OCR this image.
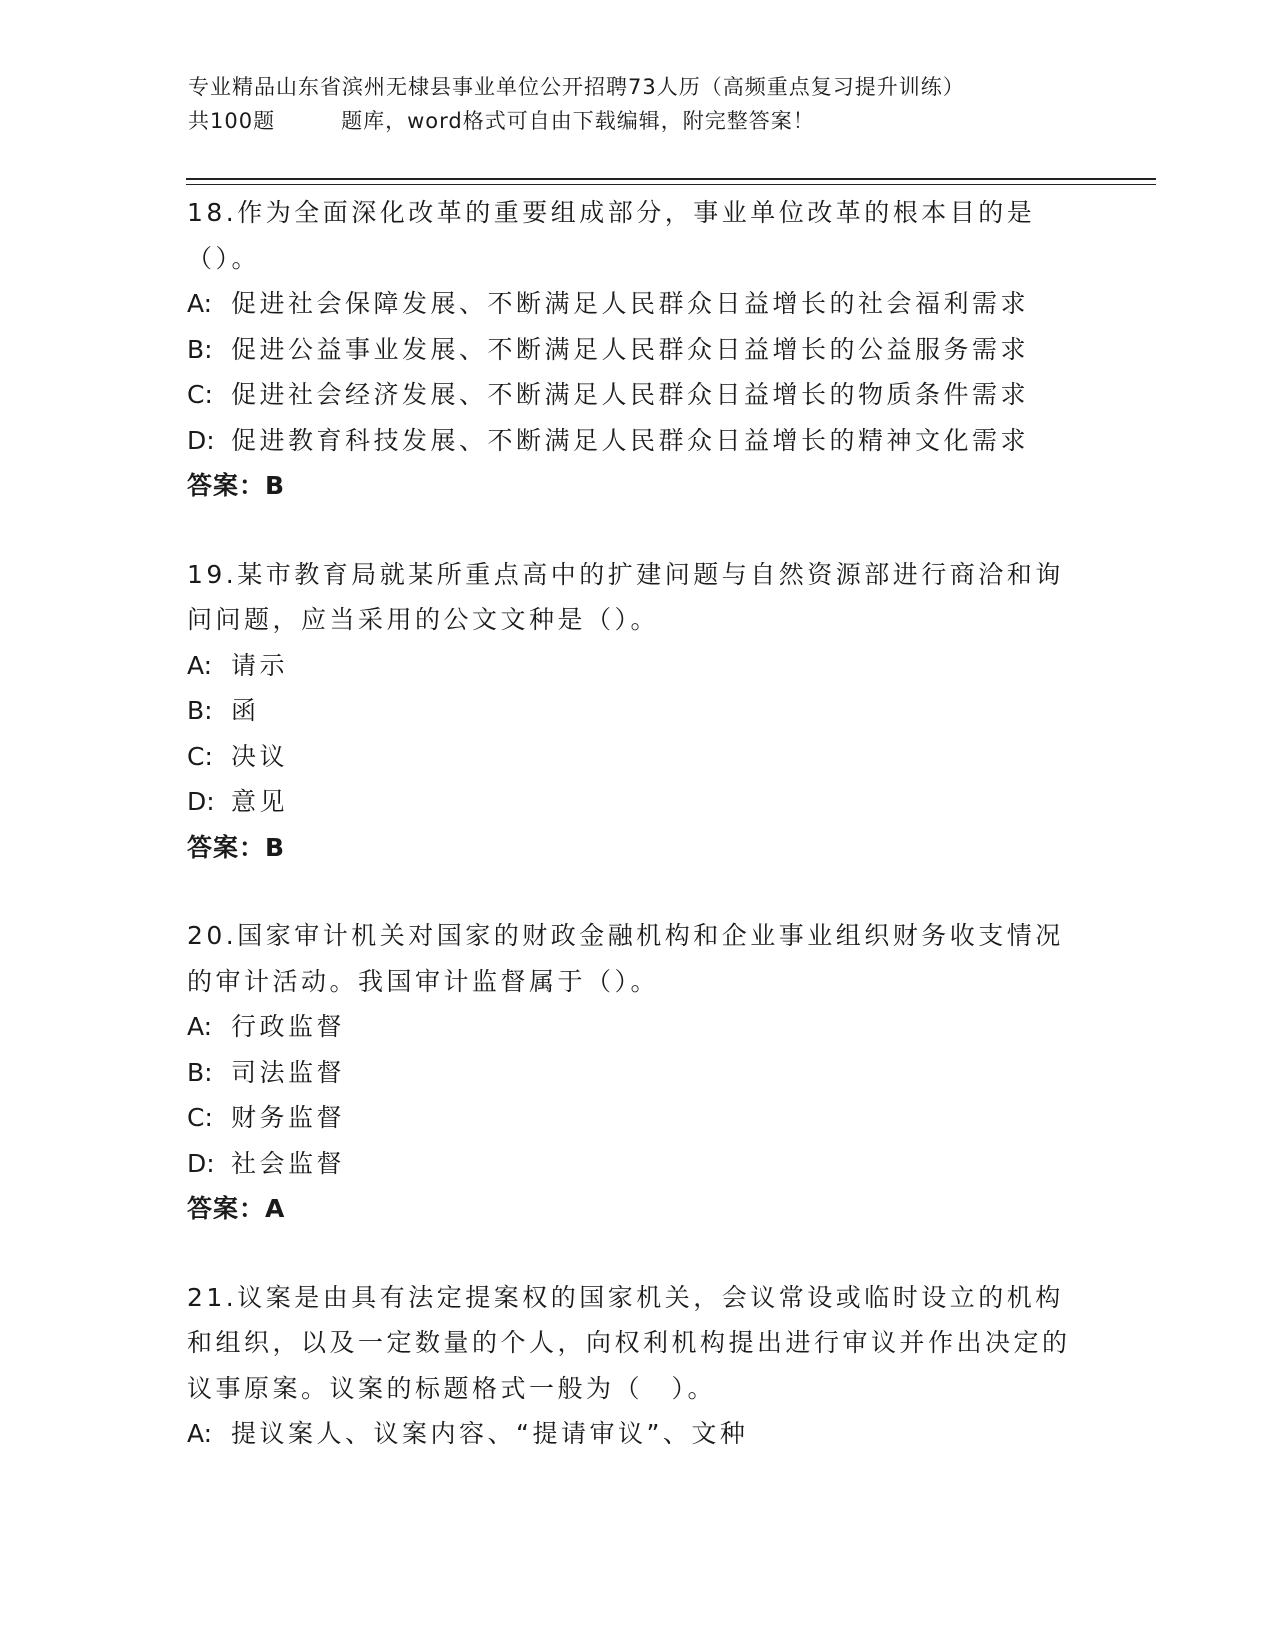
专业精品山东省滨州无棣县事业单位公开招聘73人历（高频重点复习提升训练）
共100题	题库，word格式可自由下载编辑，附完整答案！

18.作为全面深化改革的重要组成部分，事业单位改革的根本目的是（）。

A: 促进社会保障发展、不断满足人民群众日益增长的社会福利需求

B: 促进公益事业发展、不断满足人民群众日益增长的公益服务需求

C: 促进社会经济发展、不断满足人民群众日益增长的物质条件需求

D: 促进教育科技发展、不断满足人民群众日益增长的精神文化需求

答案：B

19.某市教育局就某所重点高中的扩建问题与自然资源部进行商洽和询问问题，应当采用的公文文种是（）。

A: 请示

B: 函

C: 决议

D: 意见

答案：B

20.国家审计机关对国家的财政金融机构和企业事业组织财务收支情况的审计活动。我国审计监督属于（）。

A: 行政监督

B: 司法监督

C: 财务监督

D: 社会监督

答案：A

21.议案是由具有法定提案权的国家机关，会议常设或临时设立的机构和组织，以及一定数量的个人，向权利机构提出进行审议并作出决定的议事原案。议案的标题格式一般为（　）。

A: 提议案人、议案内容、“提请审议”、文种
